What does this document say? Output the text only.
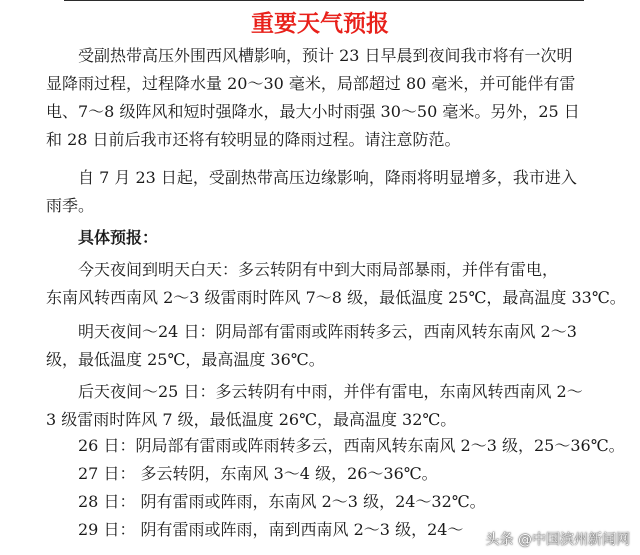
重要天气预报
受副热带高压外围西风槽影响，预计 23 日早晨到夜间我市将有一次明
显降雨过程，过程降水量 20～30 毫米，局部超过 80 毫米，并可能伴有雷
电、7～8 级阵风和短时强降水，最大小时雨强 30～50 毫米。另外，25 日
和 28 日前后我市还将有较明显的降雨过程。请注意防范。
自 7 月 23 日起，受副热带高压边缘影响，降雨将明显增多，我市进入
雨季。
具体预报：
今天夜间到明天白天：多云转阴有中到大雨局部暴雨，并伴有雷电，
东南风转西南风 2～3 级雷雨时阵风 7～8 级，最低温度 25℃，最高温度 33℃。
明天夜间～24 日：阴局部有雷雨或阵雨转多云，西南风转东南风 2～3
级，最低温度 25℃，最高温度 36℃。
后天夜间～25 日：多云转阴有中雨，并伴有雷电，东南风转西南风 2～
3 级雷雨时阵风 7 级，最低温度 26℃，最高温度 32℃。
26 日：阴局部有雷雨或阵雨转多云，西南风转东南风 2～3 级，25～36℃。
27 日： 多云转阴，东南风 3～4 级，26～36℃。
28 日： 阴有雷雨或阵雨，东南风 2～3 级，24～32℃。
29 日： 阴有雷雨或阵雨，南到西南风 2～3 级，24～
头条 @中国滨州新闻网
